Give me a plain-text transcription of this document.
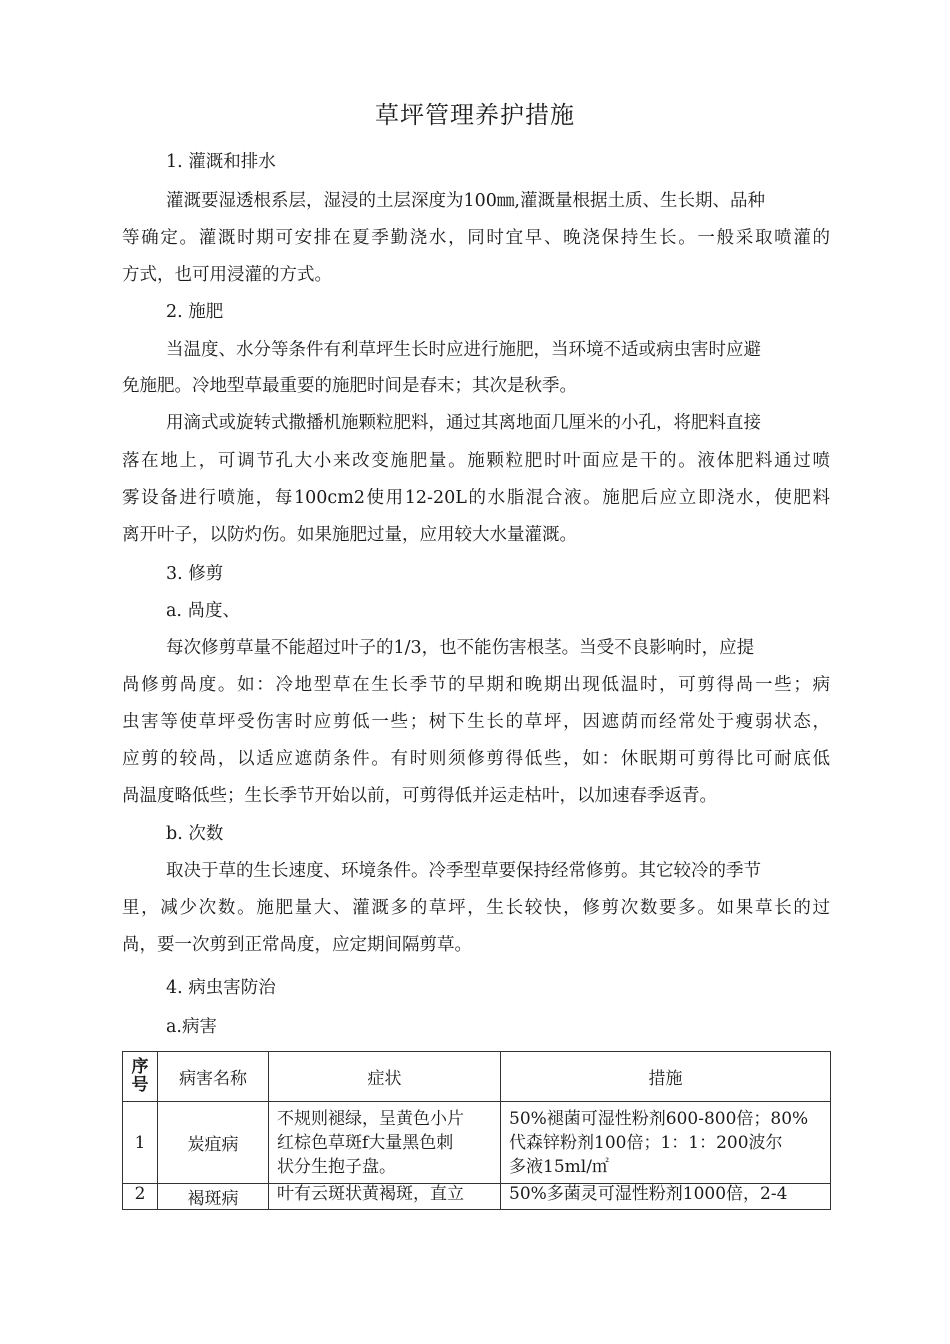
草坪管理养护措施
1. 灌溉和排水
灌溉要湿透根系层，湿浸的土层深度为100㎜,灌溉量根据土质、生长期、品种
等确定。灌溉时期可安排在夏季勤浇水，同时宜早、晚浇保持生长。一般采取喷灌的
方式，也可用浸灌的方式。
2. 施肥
当温度、水分等条件有利草坪生长时应进行施肥，当环境不适或病虫害时应避
免施肥。冷地型草最重要的施肥时间是春末；其次是秋季。
用滴式或旋转式撒播机施颗粒肥料，通过其离地面几厘米的小孔，将肥料直接
落在地上，可调节孔大小来改变施肥量。施颗粒肥时叶面应是干的。液体肥料通过喷
雾设备进行喷施，每100cm2使用12-20L的水脂混合液。施肥后应立即浇水，使肥料
离开叶子，以防灼伤。如果施肥过量，应用较大水量灌溉。
3. 修剪
a. 咼度、
每次修剪草量不能超过叶子的1/3，也不能伤害根茎。当受不良影响时，应提
咼修剪咼度。如：冷地型草在生长季节的早期和晚期出现低温时，可剪得咼一些；病
虫害等使草坪受伤害时应剪低一些；树下生长的草坪，因遮荫而经常处于瘦弱状态，
应剪的较咼，以适应遮荫条件。有时则须修剪得低些，如：休眠期可剪得比可耐底低
咼温度略低些；生长季节开始以前，可剪得低并运走枯叶，以加速春季返青。
b. 次数
取决于草的生长速度、环境条件。冷季型草要保持经常修剪。其它较冷的季节
里，减少次数。施肥量大、灌溉多的草坪，生长较快，修剪次数要多。如果草长的过
咼，要一次剪到正常咼度，应定期间隔剪草。
4. 病虫害防治
a.病害
序号	病害名称	症状	措施
1	炭疽病	不规则褪绿，呈黄色小片
红棕色草斑f大量黑色刺
状分生抱子盘。	50%褪菌可湿性粉剂600-800倍；80%
代森锌粉剂100倍；1：1：200波尔
多液15ml/㎡

2	褐斑病	叶有云斑状黄褐斑，直立	50%多菌灵可湿性粉剂1000倍，2-4
